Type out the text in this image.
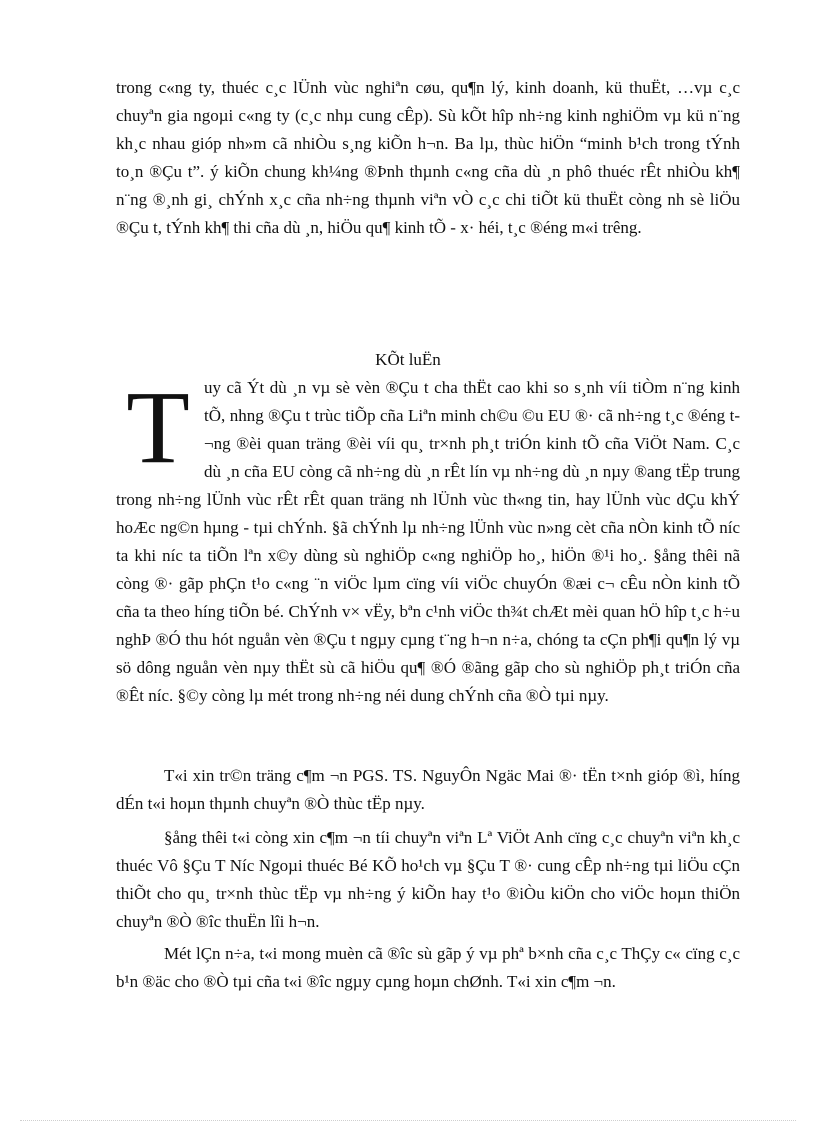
trong c«ng ty, thuéc c¸c lÜnh vùc nghiªn cøu, qu¶n lý, kinh doanh, kü thuËt, …vµ c¸c chuyªn gia ngoµi c«ng ty (c¸c nhµ cung cÊp). Sù kÕt hîp nh÷ng kinh nghiÖm vµ kü n¨ng kh¸c nhau gióp nh»m cã nhiÒu s¸ng kiÕn h¬n. Ba lµ, thùc hiÖn “minh b¹ch trong tÝnh to¸n ®Çu t”. ý kiÕn chung kh¼ng ®Þnh thµnh c«ng cña dù ¸n phô thuéc rÊt nhiÒu kh¶ n¨ng ®¸nh gi¸ chÝnh x¸c cña nh÷ng thµnh viªn vÒ c¸c chi tiÕt kü thuËt còng nh sè liÖu ®Çu t, tÝnh kh¶ thi cña dù ¸n, hiÖu qu¶ kinh tÕ - x· héi, t¸c ®éng m«i trêng.

KÕt luËn
T uy cã Ýt dù ¸n vµ sè vèn ®Çu t cha thËt cao khi so s¸nh víi tiÒm n¨ng kinh tÕ, nhng ®Çu t trùc tiÕp cña Liªn minh ch©u ©u EU ®· cã nh÷ng t¸c ®éng t¬ng ®èi quan träng ®èi víi qu¸ tr×nh ph¸t triÓn kinh tÕ cña ViÖt Nam. C¸c dù ¸n cña EU còng cã nh÷ng dù ¸n rÊt lín vµ nh÷ng dù ¸n nµy ®ang tËp trung trong nh÷ng lÜnh vùc rÊt rÊt quan träng nh lÜnh vùc th«ng tin, hay lÜnh vùc dÇu khÝ hoÆc ng©n hµng - tµi chÝnh. §ã chÝnh lµ nh÷ng lÜnh vùc n»ng cèt cña nÒn kinh tÕ níc ta khi níc ta tiÕn lªn x©y dùng sù nghiÖp c«ng nghiÖp ho¸, hiÖn ®¹i ho¸. §ång thêi nã còng ®· gãp phÇn t¹o c«ng ¨n viÖc lµm cïng víi viÖc chuyÓn ®æi c¬ cÊu nÒn kinh tÕ cña ta theo híng tiÕn bé. ChÝnh v× vËy, bªn c¹nh viÖc th¾t chÆt mèi quan hÖ hîp t¸c h÷u nghÞ ®Ó thu hót nguån vèn ®Çu t ngµy cµng t¨ng h¬n n÷a, chóng ta cÇn ph¶i qu¶n lý vµ sö dông nguån vèn nµy thËt sù cã hiÖu qu¶ ®Ó ®ãng gãp cho sù nghiÖp ph¸t triÓn cña ®Êt níc. §©y còng lµ mét trong nh÷ng néi dung chÝnh cña ®Ò tµi nµy.

T«i xin tr©n träng c¶m ¬n PGS. TS. NguyÔn Ngäc Mai ®· tËn t×nh gióp ®ì, híng dÉn t«i hoµn thµnh chuyªn ®Ò thùc tËp nµy.

§ång thêi t«i còng xin c¶m ¬n tíi chuyªn viªn Lª ViÖt Anh cïng c¸c chuyªn viªn kh¸c thuéc Vô §Çu T Níc Ngoµi thuéc Bé KÕ ho¹ch vµ §Çu T ®· cung cÊp nh÷ng tµi liÖu cÇn thiÕt cho qu¸ tr×nh thùc tËp vµ nh÷ng ý kiÕn hay t¹o ®iÒu kiÖn cho viÖc hoµn thiÖn chuyªn ®Ò ®îc thuËn lîi h¬n.

Mét lÇn n÷a, t«i mong muèn cã ®îc sù gãp ý vµ phª b×nh cña c¸c ThÇy c« cïng c¸c b¹n ®äc cho ®Ò tµi cña t«i ®îc ngµy cµng hoµn chØnh. T«i xin c¶m ¬n.
